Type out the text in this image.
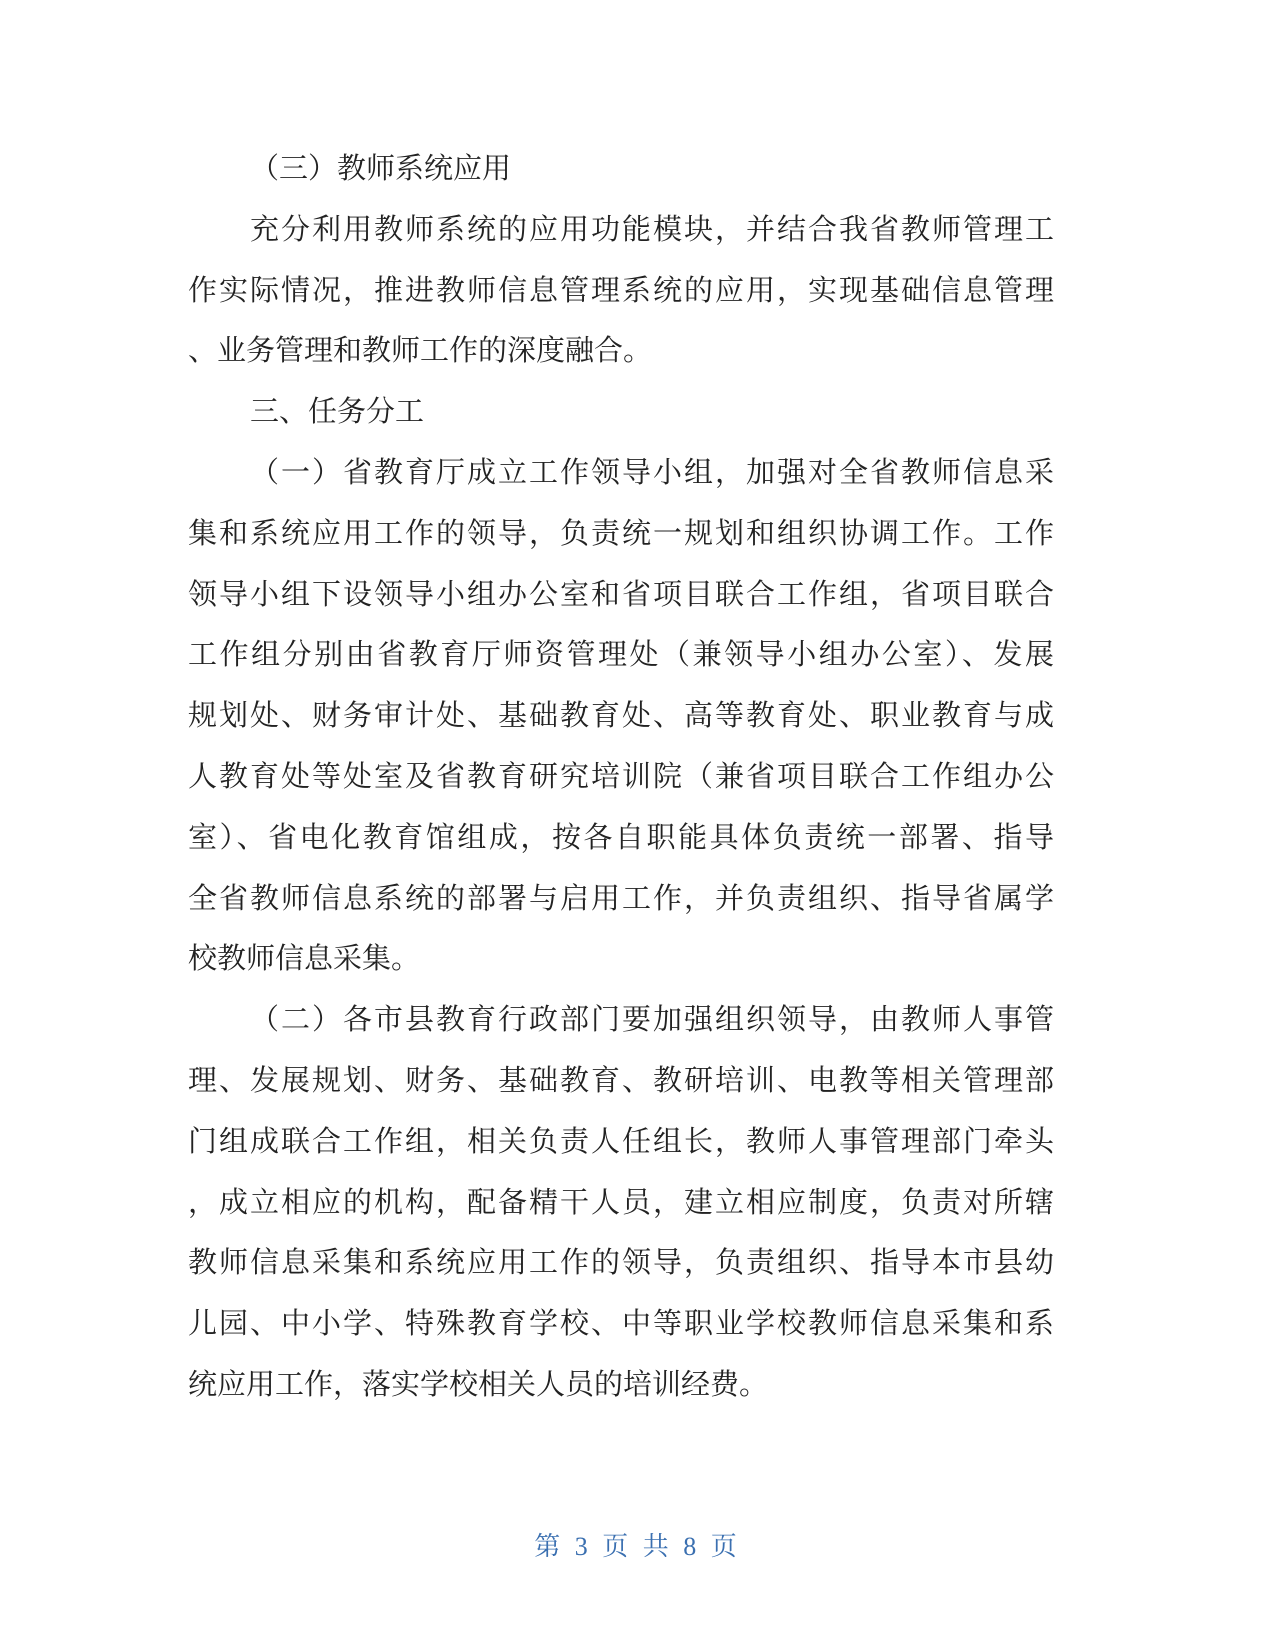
（三）教师系统应用
充分利用教师系统的应用功能模块，并结合我省教师管理工
作实际情况，推进教师信息管理系统的应用，实现基础信息管理
、业务管理和教师工作的深度融合。
三、任务分工
（一）省教育厅成立工作领导小组，加强对全省教师信息采
集和系统应用工作的领导，负责统一规划和组织协调工作。工作
领导小组下设领导小组办公室和省项目联合工作组，省项目联合
工作组分别由省教育厅师资管理处（兼领导小组办公室）、发展
规划处、财务审计处、基础教育处、高等教育处、职业教育与成
人教育处等处室及省教育研究培训院（兼省项目联合工作组办公
室）、省电化教育馆组成，按各自职能具体负责统一部署、指导
全省教师信息系统的部署与启用工作，并负责组织、指导省属学
校教师信息采集。
（二）各市县教育行政部门要加强组织领导，由教师人事管
理、发展规划、财务、基础教育、教研培训、电教等相关管理部
门组成联合工作组，相关负责人任组长，教师人事管理部门牵头
，成立相应的机构，配备精干人员，建立相应制度，负责对所辖
教师信息采集和系统应用工作的领导，负责组织、指导本市县幼
儿园、中小学、特殊教育学校、中等职业学校教师信息采集和系
统应用工作，落实学校相关人员的培训经费。
第 3 页 共 8 页
